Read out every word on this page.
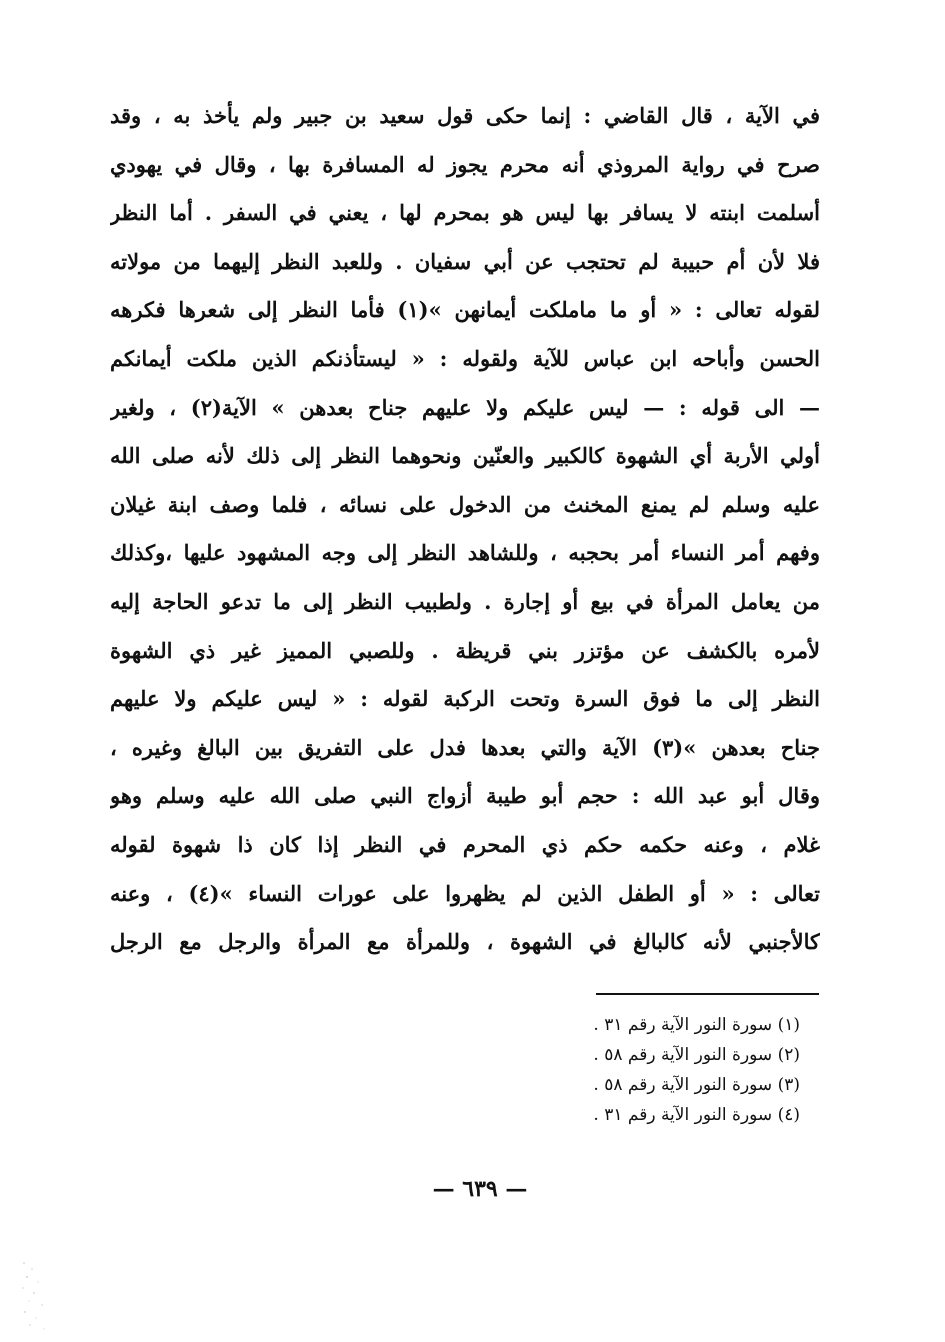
في الآية ، قال القاضي : إنما حكى قول سعيد بن جبير ولم يأخذ به ، وقد
صرح في رواية المروذي أنه محرم يجوز له المسافرة بها ، وقال في يهودي
أسلمت ابنته لا يسافر بها ليس هو بمحرم لها ، يعني في السفر . أما النظر
فلا لأن أم حبيبة لم تحتجب عن أبي سفيان . وللعبد النظر إليهما من مولاته
لقوله تعالى : « أو ما ماملكت أيمانهن »(١) فأما النظر إلى شعرها فكرهه
الحسن وأباحه ابن عباس للآية ولقوله : « ليستأذنكم الذين ملكت أيمانكم
— الى قوله : — ليس عليكم ولا عليهم جناح بعدهن » الآية(٢) ، ولغير
أولي الأربة أي الشهوة كالكبير والعنّين ونحوهما النظر إلى ذلك لأنه صلى الله
عليه وسلم لم يمنع المخنث من الدخول على نسائه ، فلما وصف ابنة غيلان
وفهم أمر النساء أمر بحجبه ، وللشاهد النظر إلى وجه المشهود عليها ،وكذلك
من يعامل المرأة في بيع أو إجارة . ولطبيب النظر إلى ما تدعو الحاجة إليه
لأمره بالكشف عن مؤتزر بني قريظة . وللصبي المميز غير ذي الشهوة
النظر إلى ما فوق السرة وتحت الركبة لقوله : « ليس عليكم ولا عليهم
جناح بعدهن »(٣) الآية والتي بعدها فدل على التفريق بين البالغ وغيره ،
وقال أبو عبد الله : حجم أبو طيبة أزواج النبي صلى الله عليه وسلم وهو
غلام ، وعنه حكمه حكم ذي المحرم في النظر إذا كان ذا شهوة لقوله
تعالى : « أو الطفل الذين لم يظهروا على عورات النساء »(٤) ، وعنه
كالأجنبي لأنه كالبالغ في الشهوة ، وللمرأة مع المرأة والرجل مع الرجل
(١) سورة النور الآية رقم ٣١ .
(٢) سورة النور الآية رقم ٥٨ .
(٣) سورة النور الآية رقم ٥٨ .
(٤) سورة النور الآية رقم ٣١ .
— ٦٣٩ —
